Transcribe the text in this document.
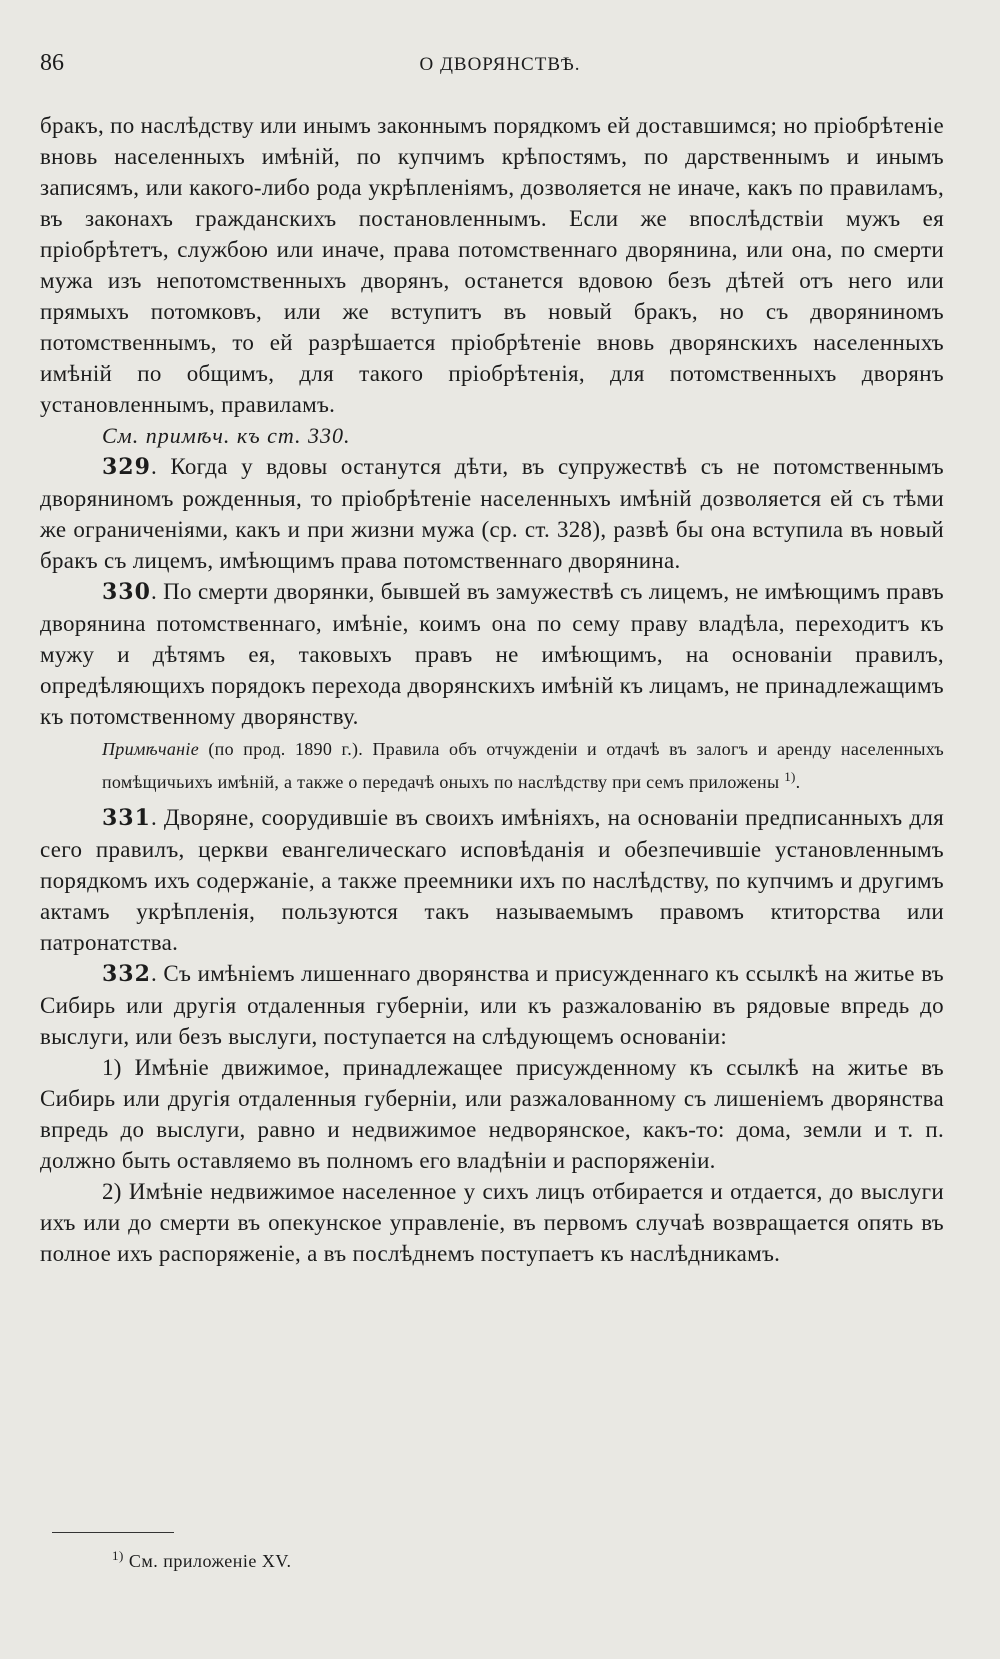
86	О ДВОРЯНСТВѢ.

бракъ, по наслѣдству или инымъ законнымъ порядкомъ ей доставшимся; но пріобрѣтеніе вновь населенныхъ имѣній, по купчимъ крѣпостямъ, по дарственнымъ и инымъ записямъ, или какого-либо рода укрѣпленіямъ, дозволяется не иначе, какъ по правиламъ, въ законахъ гражданскихъ постановленнымъ. Если же впослѣдствіи мужъ ея пріобрѣтетъ, службою или иначе, права потомственнаго дворянина, или она, по смерти мужа изъ непотомственныхъ дворянъ, останется вдовою безъ дѣтей отъ него или прямыхъ потомковъ, или же вступитъ въ новый бракъ, но съ дворяниномъ потомственнымъ, то ей разрѣшается пріобрѣтеніе вновь дворянскихъ населенныхъ имѣній по общимъ, для такого пріобрѣтенія, для потомственныхъ дворянъ установленнымъ, правиламъ.

См. примѣч. къ ст. 330.

329. Когда у вдовы останутся дѣти, въ супружествѣ съ не потомственнымъ дворяниномъ рожденныя, то пріобрѣтеніе населенныхъ имѣній дозволяется ей съ тѣми же ограниченіями, какъ и при жизни мужа (ср. ст. 328), развѣ бы она вступила въ новый бракъ съ лицемъ, имѣющимъ права потомственнаго дворянина.

330. По смерти дворянки, бывшей въ замужествѣ съ лицемъ, не имѣющимъ правъ дворянина потомственнаго, имѣніе, коимъ она по сему праву владѣла, переходитъ къ мужу и дѣтямъ ея, таковыхъ правъ не имѣющимъ, на основаніи правилъ, опредѣляющихъ порядокъ перехода дворянскихъ имѣній къ лицамъ, не принадлежащимъ къ потомственному дворянству.

Примѣчаніе (по прод. 1890 г.). Правила объ отчужденіи и отдачѣ въ залогъ и аренду населенныхъ помѣщичьихъ имѣній, а также о передачѣ оныхъ по наслѣдству при семъ приложены $^{1)}$.

331. Дворяне, соорудившіе въ своихъ имѣніяхъ, на основаніи предписанныхъ для сего правилъ, церкви евангелическаго исповѣданія и обезпечившіе установленнымъ порядкомъ ихъ содержаніе, а также преемники ихъ по наслѣдству, по купчимъ и другимъ актамъ укрѣпленія, пользуются такъ называемымъ правомъ ктиторства или патронатства.

332. Съ имѣніемъ лишеннаго дворянства и присужденнаго къ ссылкѣ на житье въ Сибирь или другія отдаленныя губерніи, или къ разжалованію въ рядовые впредь до выслуги, или безъ выслуги, поступается на слѣдующемъ основаніи:

1) Имѣніе движимое, принадлежащее присужденному къ ссылкѣ на житье въ Сибирь или другія отдаленныя губерніи, или разжалованному съ лишеніемъ дворянства впредь до выслуги, равно и недвижимое недворянское, какъ-то: дома, земли и т. п. должно быть оставляемо въ полномъ его владѣніи и распоряженіи.

2) Имѣніе недвижимое населенное у сихъ лицъ отбирается и отдается, до выслуги ихъ или до смерти въ опекунское управленіе, въ первомъ случаѣ возвращается опять въ полное ихъ распоряженіе, а въ послѣднемъ поступаетъ къ наслѣдникамъ.

$^{1)}$ См. приложеніе XV.
